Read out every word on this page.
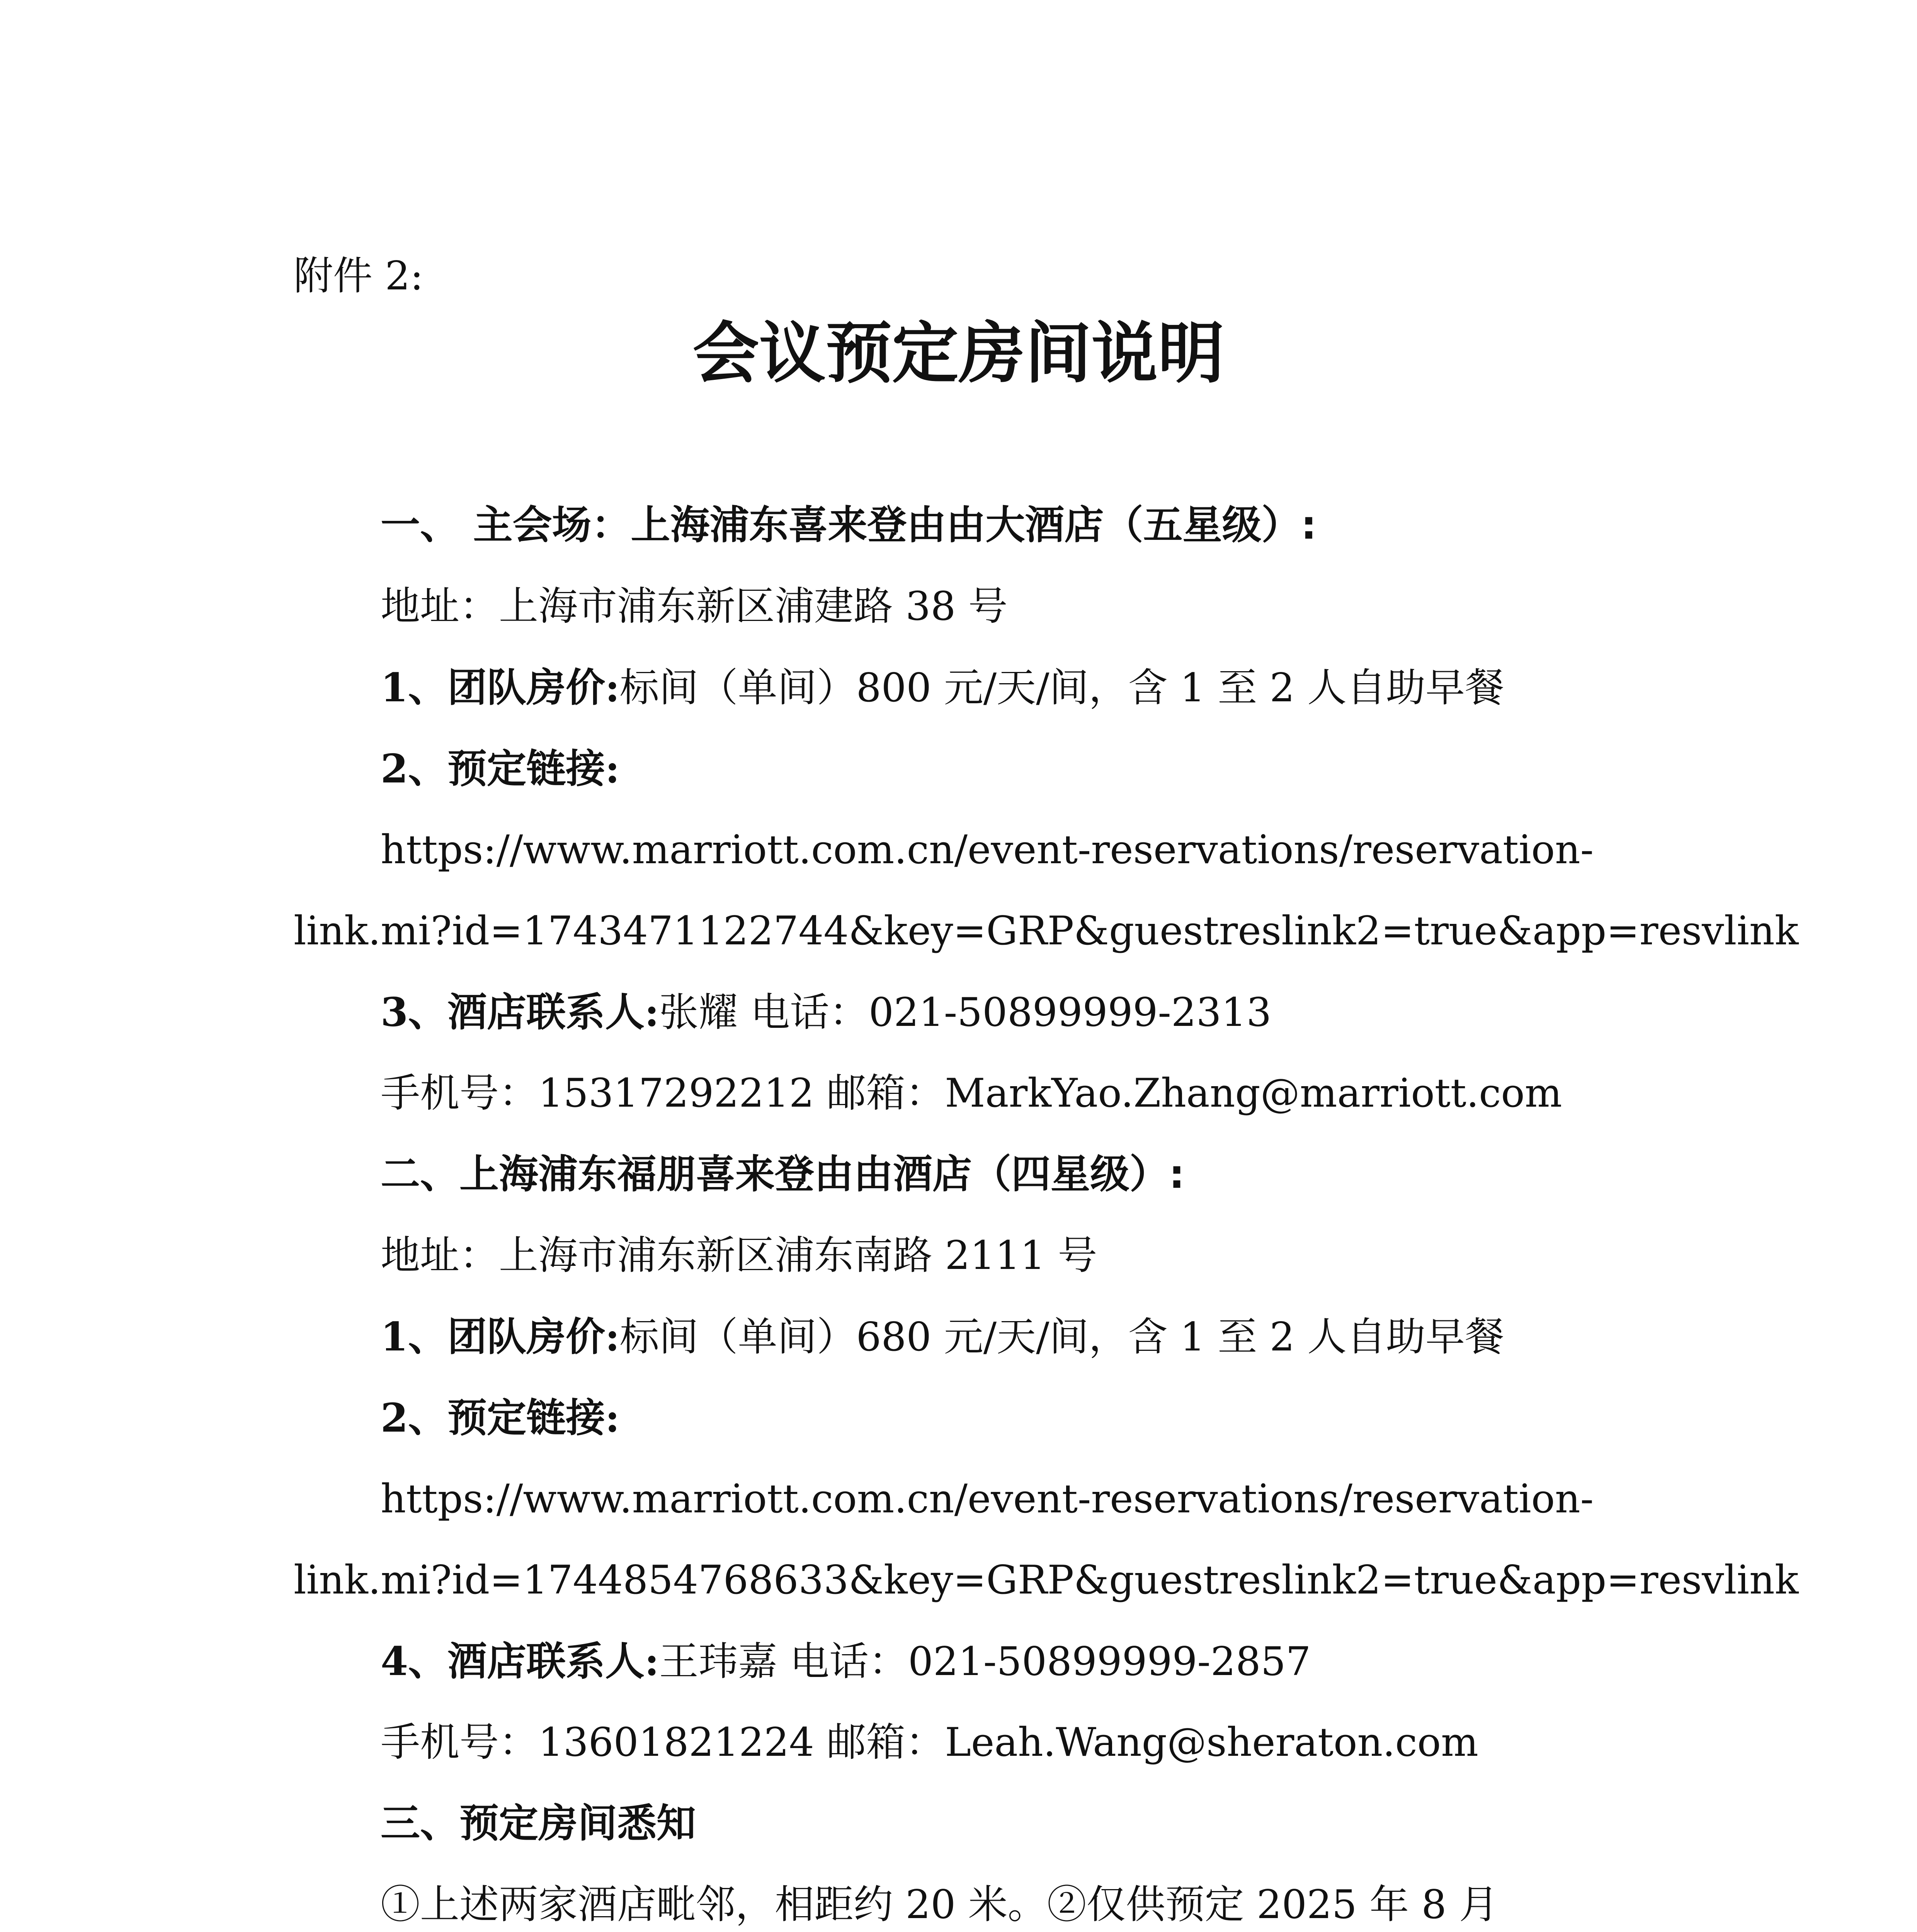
附件 2:

会议预定房间说明

一、 主会场：上海浦东喜来登由由大酒店（五星级）:

地址：上海市浦东新区浦建路 38 号

1、团队房价:标间（单间）800 元/天/间，含 1 至 2 人自助早餐

2、预定链接:

https://www.marriott.com.cn/event-reservations/reservation-

link.mi?id=1743471122744&key=GRP&guestreslink2=true&app=resvlink

3、酒店联系人:张耀 电话：021-50899999-2313

手机号：15317292212 邮箱：MarkYao.Zhang@marriott.com

二、上海浦东福朋喜来登由由酒店（四星级）:

地址：上海市浦东新区浦东南路 2111 号

1、团队房价:标间（单间）680 元/天/间，含 1 至 2 人自助早餐

2、预定链接:

https://www.marriott.com.cn/event-reservations/reservation-

link.mi?id=1744854768633&key=GRP&guestreslink2=true&app=resvlink

4、酒店联系人:王玮嘉 电话：021-50899999-2857

手机号：13601821224 邮箱：Leah.Wang@sheraton.com

三、预定房间悉知

①上述两家酒店毗邻，相距约 20 米。②仅供预定 2025 年 8 月
